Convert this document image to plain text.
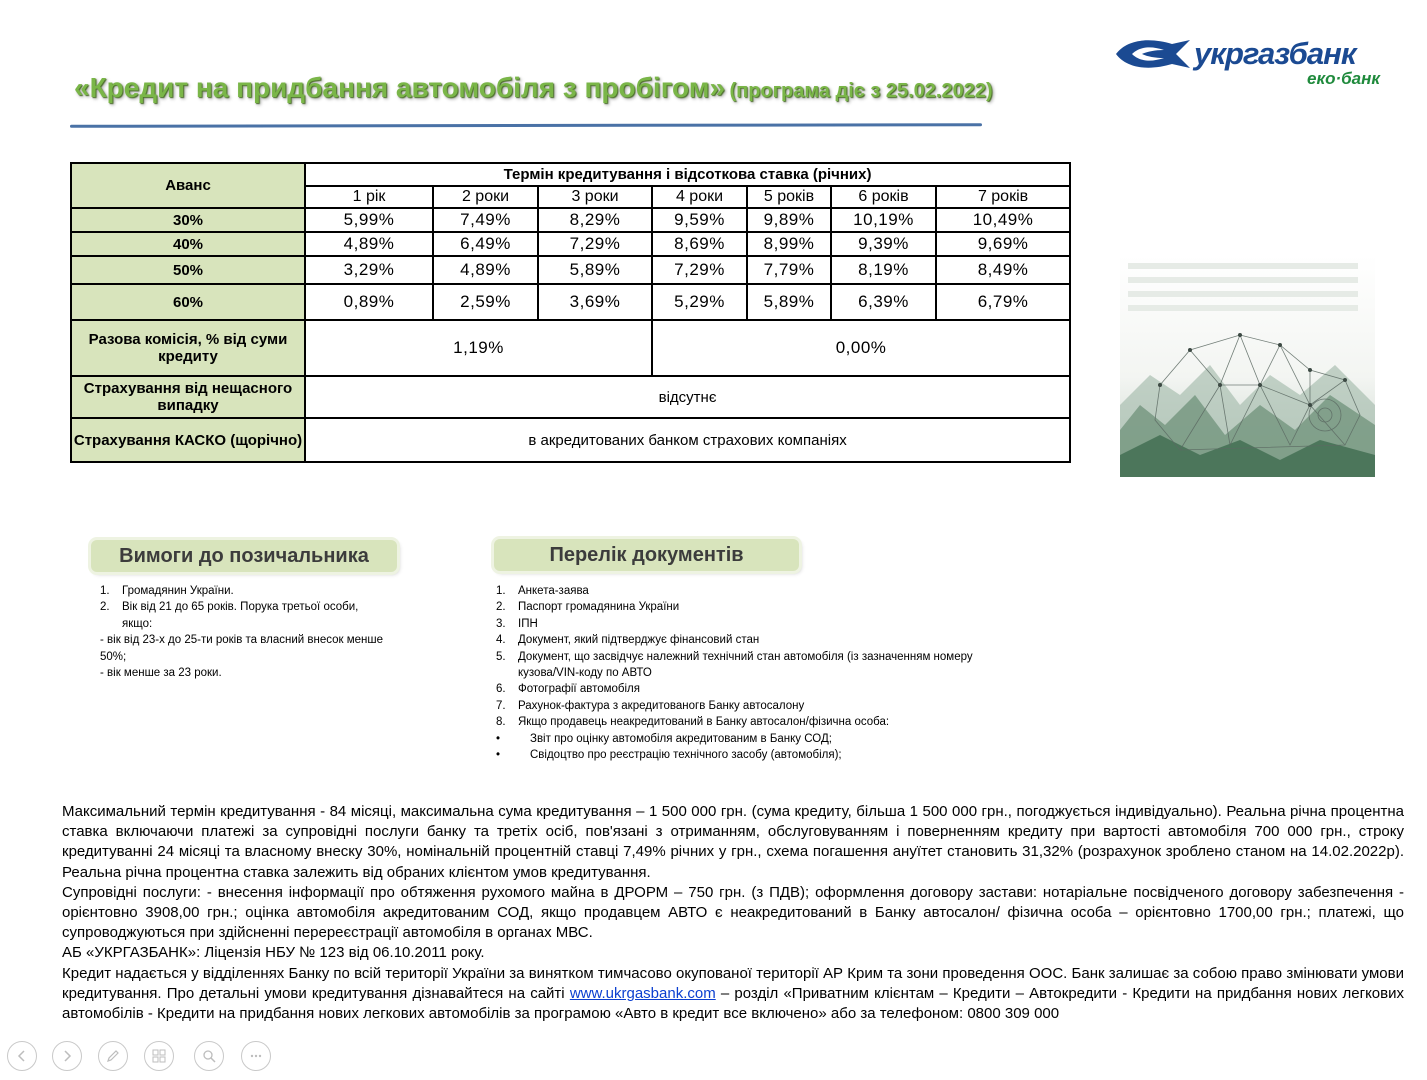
«Кредит на придбання автомобіля з пробігом» (програма діє з 25.02.2022)
укргазбанк
еко·банк
Аванс	Термін кредитування і відсоткова ставка (річних)						
	1 рік	2 роки	3 роки	4 роки	5 років	6 років	7 років
30%	5,99%	7,49%	8,29%	9,59%	9,89%	10,19%	10,49%
40%	4,89%	6,49%	7,29%	8,69%	8,99%	9,39%	9,69%
50%	3,29%	4,89%	5,89%	7,29%	7,79%	8,19%	8,49%
60%	0,89%	2,59%	3,69%	5,29%	5,89%	6,39%	6,79%
Разова комісія, % від суми кредиту	1,19%			0,00%			
Страхування від нещасного випадку	відсутнє						
Страхування КАСКО (щорічно)	в акредитованих банком страхових компаніях						
Вимоги до позичальника
1.	Громадянин України.
2.	Вік від 21 до 65 років. Порука третьої особи, якщо:
- вік від 23-х до 25-ти років та власний внесок менше 50%;
- вік менше за 23 роки.
Перелік документів
1.	Анкета-заява
2.	Паспорт громадянина України
3.	ІПН
4.	Документ, який підтверджує фінансовий стан
5.	Документ, що засвідчує належний технічний стан автомобіля (із зазначенням номеру кузова/VIN-коду по АВТО
6.	Фотографії автомобіля
7.	Рахунок-фактура з акредитованогв Банку автосалону
8.	Якщо продавець неакредитований в Банку автосалон/фізична особа:
•	Звіт про оцінку автомобіля акредитованим в Банку СОД;
•	Свідоцтво про реєстрацію технічного засобу (автомобіля);

Максимальний термін кредитування - 84 місяці, максимальна сума кредитування – 1 500 000 грн. (сума кредиту, більша 1 500 000 грн., погоджується індивідуально). Реальна річна процентна ставка включаючи платежі за супровідні послуги банку та третіх осіб, пов'язані з отриманням, обслуговуванням і поверненням кредиту при вартості автомобіля 700 000 грн., строку кредитуванні 24 місяці та власному внеску 30%, номінальній процентній ставці 7,49% річних у грн., схема погашення ануїтет становить 31,32% (розрахунок зроблено станом на 14.02.2022р). Реальна річна процентна ставка залежить від обраних клієнтом умов кредитування.

Супровідні послуги: - внесення інформації про обтяження рухомого майна в ДРОРМ – 750 грн. (з ПДВ); оформлення договору застави: нотаріальне посвідченого договору забезпечення - орієнтовно 3908,00 грн.; оцінка автомобіля акредитованим СОД, якщо продавцем АВТО є неакредитований в Банку автосалон/ фізична особа – орієнтовно 1700,00 грн.; платежі, що супроводжуються при здійсненні перереєстрації автомобіля в органах МВС.

АБ «УКРГАЗБАНК»: Ліцензія НБУ № 123 від 06.10.2011 року.

Кредит надається у відділеннях Банку по всій території України за винятком тимчасово окупованої території АР Крим та зони проведення ООС. Банк залишає за собою право змінювати умови кредитування. Про детальні умови кредитування дізнавайтеся на сайті www.ukrgasbank.com – розділ «Приватним клієнтам – Кредити – Автокредити - Кредити на придбання нових легкових автомобілів - Кредити на придбання нових легкових автомобілів за програмою «Авто в кредит все включено» або за телефоном: 0800 309 000
